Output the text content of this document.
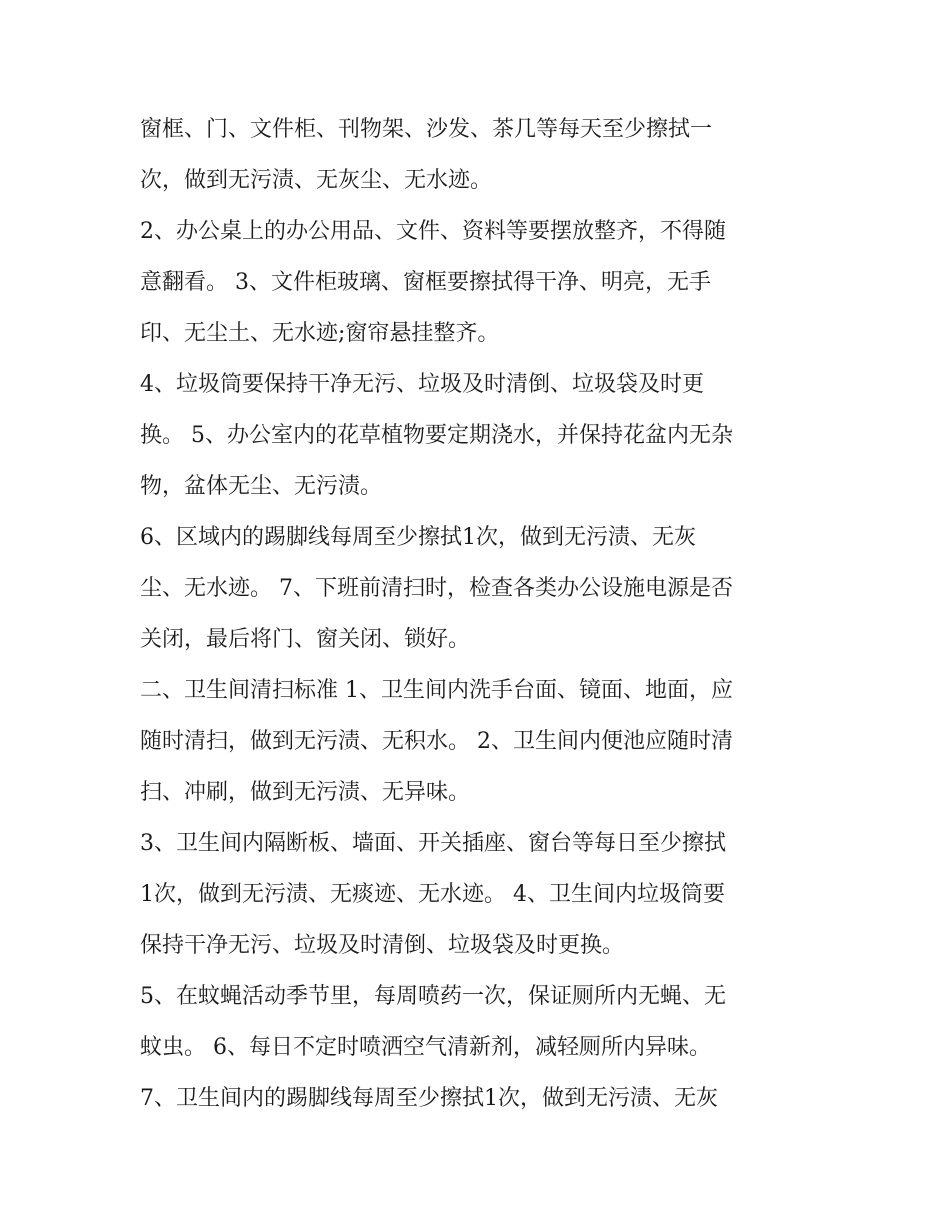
窗框、门、文件柜、刊物架、沙发、茶几等每天至少擦拭一
次，做到无污渍、无灰尘、无水迹。
2、办公桌上的办公用品、文件、资料等要摆放整齐，不得随
意翻看。 3、文件柜玻璃、窗框要擦拭得干净、明亮，无手
印、无尘土、无水迹;窗帘悬挂整齐。
4、垃圾筒要保持干净无污、垃圾及时清倒、垃圾袋及时更
换。 5、办公室内的花草植物要定期浇水，并保持花盆内无杂
物，盆体无尘、无污渍。
6、区域内的踢脚线每周至少擦拭1次，做到无污渍、无灰
尘、无水迹。 7、下班前清扫时，检查各类办公设施电源是否
关闭，最后将门、窗关闭、锁好。
二、卫生间清扫标准 1、卫生间内洗手台面、镜面、地面，应
随时清扫，做到无污渍、无积水。 2、卫生间内便池应随时清
扫、冲刷，做到无污渍、无异味。
3、卫生间内隔断板、墙面、开关插座、窗台等每日至少擦拭
1次，做到无污渍、无痰迹、无水迹。 4、卫生间内垃圾筒要
保持干净无污、垃圾及时清倒、垃圾袋及时更换。
5、在蚊蝇活动季节里，每周喷药一次，保证厕所内无蝇、无
蚊虫。 6、每日不定时喷洒空气清新剂，减轻厕所内异味。
7、卫生间内的踢脚线每周至少擦拭1次，做到无污渍、无灰
